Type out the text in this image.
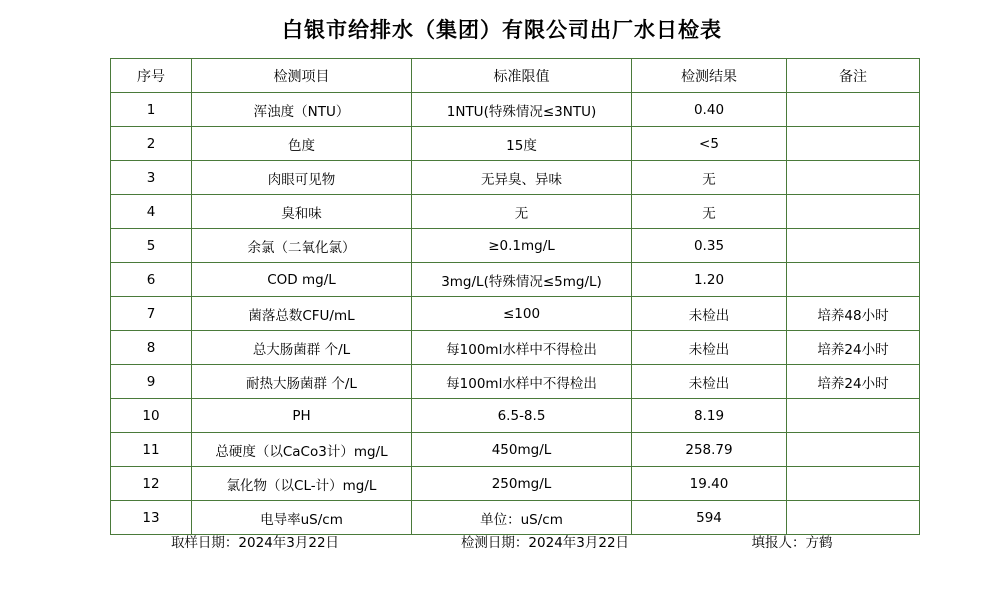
白银市给排水（集团）有限公司出厂水日检表
序号	检测项目	标准限值	检测结果	备注
1	浑浊度（NTU）	1NTU(特殊情况≤3NTU)	0.40	
2	色度	15度	<5	
3	肉眼可见物	无异臭、异味	无	
4	臭和味	无	无	
5	余氯（二氧化氯）	≥0.1mg/L	0.35	
6	COD mg/L	3mg/L(特殊情况≤5mg/L)	1.20	
7	菌落总数CFU/mL	≤100	未检出	培养48小时
8	总大肠菌群 个/L	每100ml水样中不得检出	未检出	培养24小时
9	耐热大肠菌群 个/L	每100ml水样中不得检出	未检出	培养24小时
10	PH	6.5-8.5	8.19	
11	总硬度（以CaCo3计）mg/L	450mg/L	258.79	
12	氯化物（以CL-计）mg/L	250mg/L	19.40	
13	电导率uS/cm	单位：uS/cm	594	
取样日期：2024年3月22日	检测日期：2024年3月22日	填报人：方鹤
